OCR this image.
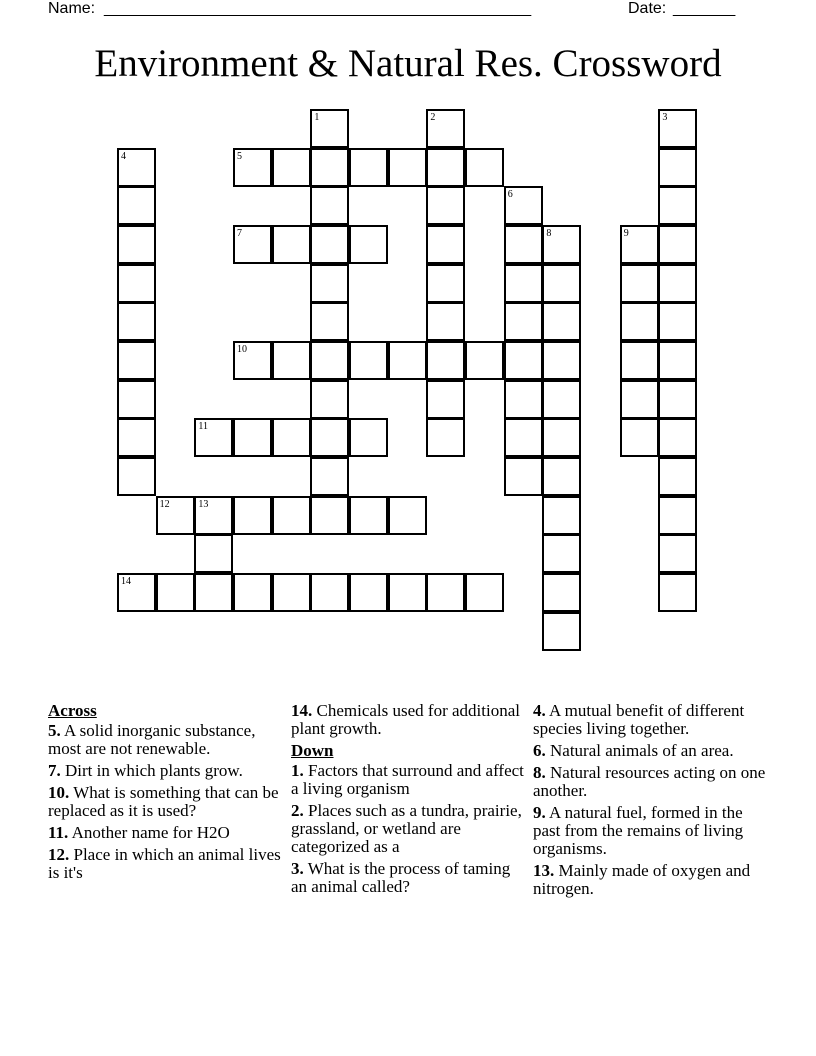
Name: ________________________________________________	Date: _______
Environment & Natural Res. Crossword
1	2	3
4	5
6
7	8	9
10
11
12	13
14
Across
5. A solid inorganic substance, most are not renewable.
7. Dirt in which plants grow.
10. What is something that can be replaced as it is used?
11. Another name for H2O
12. Place in which an animal lives is it's
14. Chemicals used for additional plant growth.
Down
1. Factors that surround and affect a living organism
2. Places such as a tundra, prairie, grassland, or wetland are categorized as a
3. What is the process of taming an animal called?
4. A mutual benefit of different species living together.
6. Natural animals of an area.
8. Natural resources acting on one another.
9. A natural fuel, formed in the past from the remains of living organisms.
13. Mainly made of oxygen and nitrogen.
